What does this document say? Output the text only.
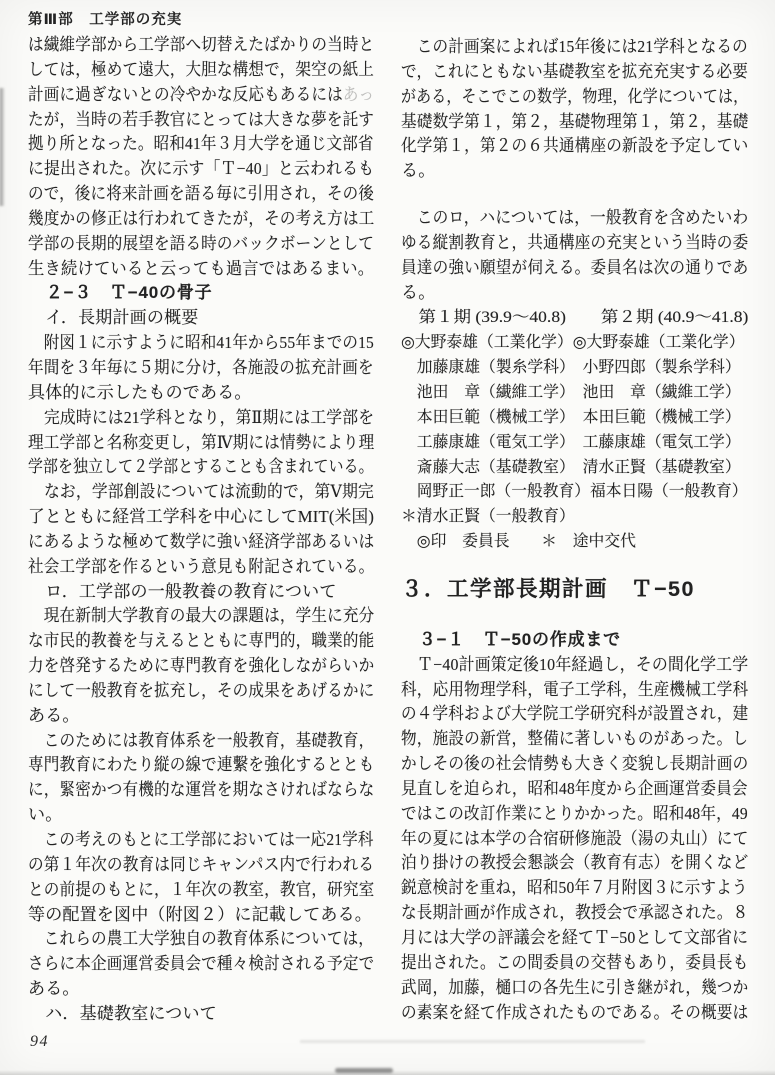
第Ⅲ部　工学部の充実
は繊維学部から工学部へ切替えたばかりの当時と
しては，極めて遠大，大胆な構想で，架空の紙上
計画に過ぎないとの冷やかな反応もあるにはあっ
たが，当時の若手教官にとっては大きな夢を託す
拠り所となった。昭和41年３月大学を通じ文部省
に提出された。次に示す「Ｔ−40」と云われるも
ので，後に将来計画を語る毎に引用され，その後
幾度かの修正は行われてきたが，その考え方は工
学部の長期的展望を語る時のバックボーンとして
生き続けていると云っても過言ではあるまい。
　２−３　Ｔ−40の骨子
　イ．長期計画の概要
　附図１に示すように昭和41年から55年までの15
年間を３年毎に５期に分け，各施設の拡充計画を
具体的に示したものである。
　完成時には21学科となり，第Ⅱ期には工学部を
理工学部と名称変更し，第Ⅳ期には情勢により理
学部を独立して２学部とすることも含まれている。
　なお，学部創設については流動的で，第Ⅴ期完
了とともに経営工学科を中心にしてMIT(米国)
にあるような極めて数学に強い経済学部あるいは
社会工学部を作るという意見も附記されている。
　ロ．工学部の一般教養の教育について
　現在新制大学教育の最大の課題は，学生に充分
な市民的教養を与えるとともに専門的，職業的能
力を啓発するために専門教育を強化しながらいか
にして一般教育を拡充し，その成果をあげるかに
ある。
　このためには教育体系を一般教育，基礎教育，
専門教育にわたり縦の線で連繫を強化するととも
に，緊密かつ有機的な運営を期なさければならな
い。
　この考えのもとに工学部においては一応21学科
の第１年次の教育は同じキャンパス内で行われる
との前提のもとに，１年次の教室，教官，研究室
等の配置を図中（附図２）に記載してある。
　これらの農工大学独自の教育体系については，
さらに本企画運営委員会で種々検討される予定で
ある。
　ハ．基礎教室について
　この計画案によれば15年後には21学科となるの
で，これにともない基礎教室を拡充充実する必要
がある，そこでこの数学，物理，化学については，
基礎数学第１，第２，基礎物理第１，第２，基礎
化学第１，第２の６共通構座の新設を予定してい
る。
　このロ，ハについては，一般教育を含めたいわ
ゆる縦割教育と，共通構座の充実という当時の委
員達の強い願望が伺える。委員名は次の通りであ
る。
　第１期 (39.9～40.8)　　第２期 (40.9～41.8)
◎大野泰雄（工業化学）◎大野泰雄（工業化学）
　加藤康雄（製糸学科）　小野四郎（製糸学科）
　池田　章（繊維工学）　池田　章（繊維工学）
　本田巨範（機械工学）　本田巨範（機械工学）
　工藤康雄（電気工学）　工藤康雄（電気工学）
　斎藤大志（基礎教室）　清水正賢（基礎教室）
　岡野正一郎（一般教育）福本日陽（一般教育）
＊清水正賢（一般教育）
　◎印　委員長　　＊　途中交代
３．工学部長期計画　Ｔ−50
　３−１　Ｔ−50の作成まで
　Ｔ−40計画策定後10年経過し，その間化学工学
科，応用物理学科，電子工学科，生産機械工学科
の４学科および大学院工学研究科が設置され，建
物，施設の新営，整備に著しいものがあった。し
かしその後の社会情勢も大きく変貌し長期計画の
見直しを迫られ，昭和48年度から企画運営委員会
ではこの改訂作業にとりかかった。昭和48年，49
年の夏には本学の合宿研修施設（湯の丸山）にて
泊り掛けの教授会懇談会（教育有志）を開くなど
鋭意検討を重ね，昭和50年７月附図３に示すよう
な長期計画が作成され，教授会で承認された。８
月には大学の評議会を経てＴ−50として文部省に
提出された。この間委員の交替もあり，委員長も
武岡，加藤，樋口の各先生に引き継がれ，幾つか
の素案を経て作成されたものである。その概要は
94
